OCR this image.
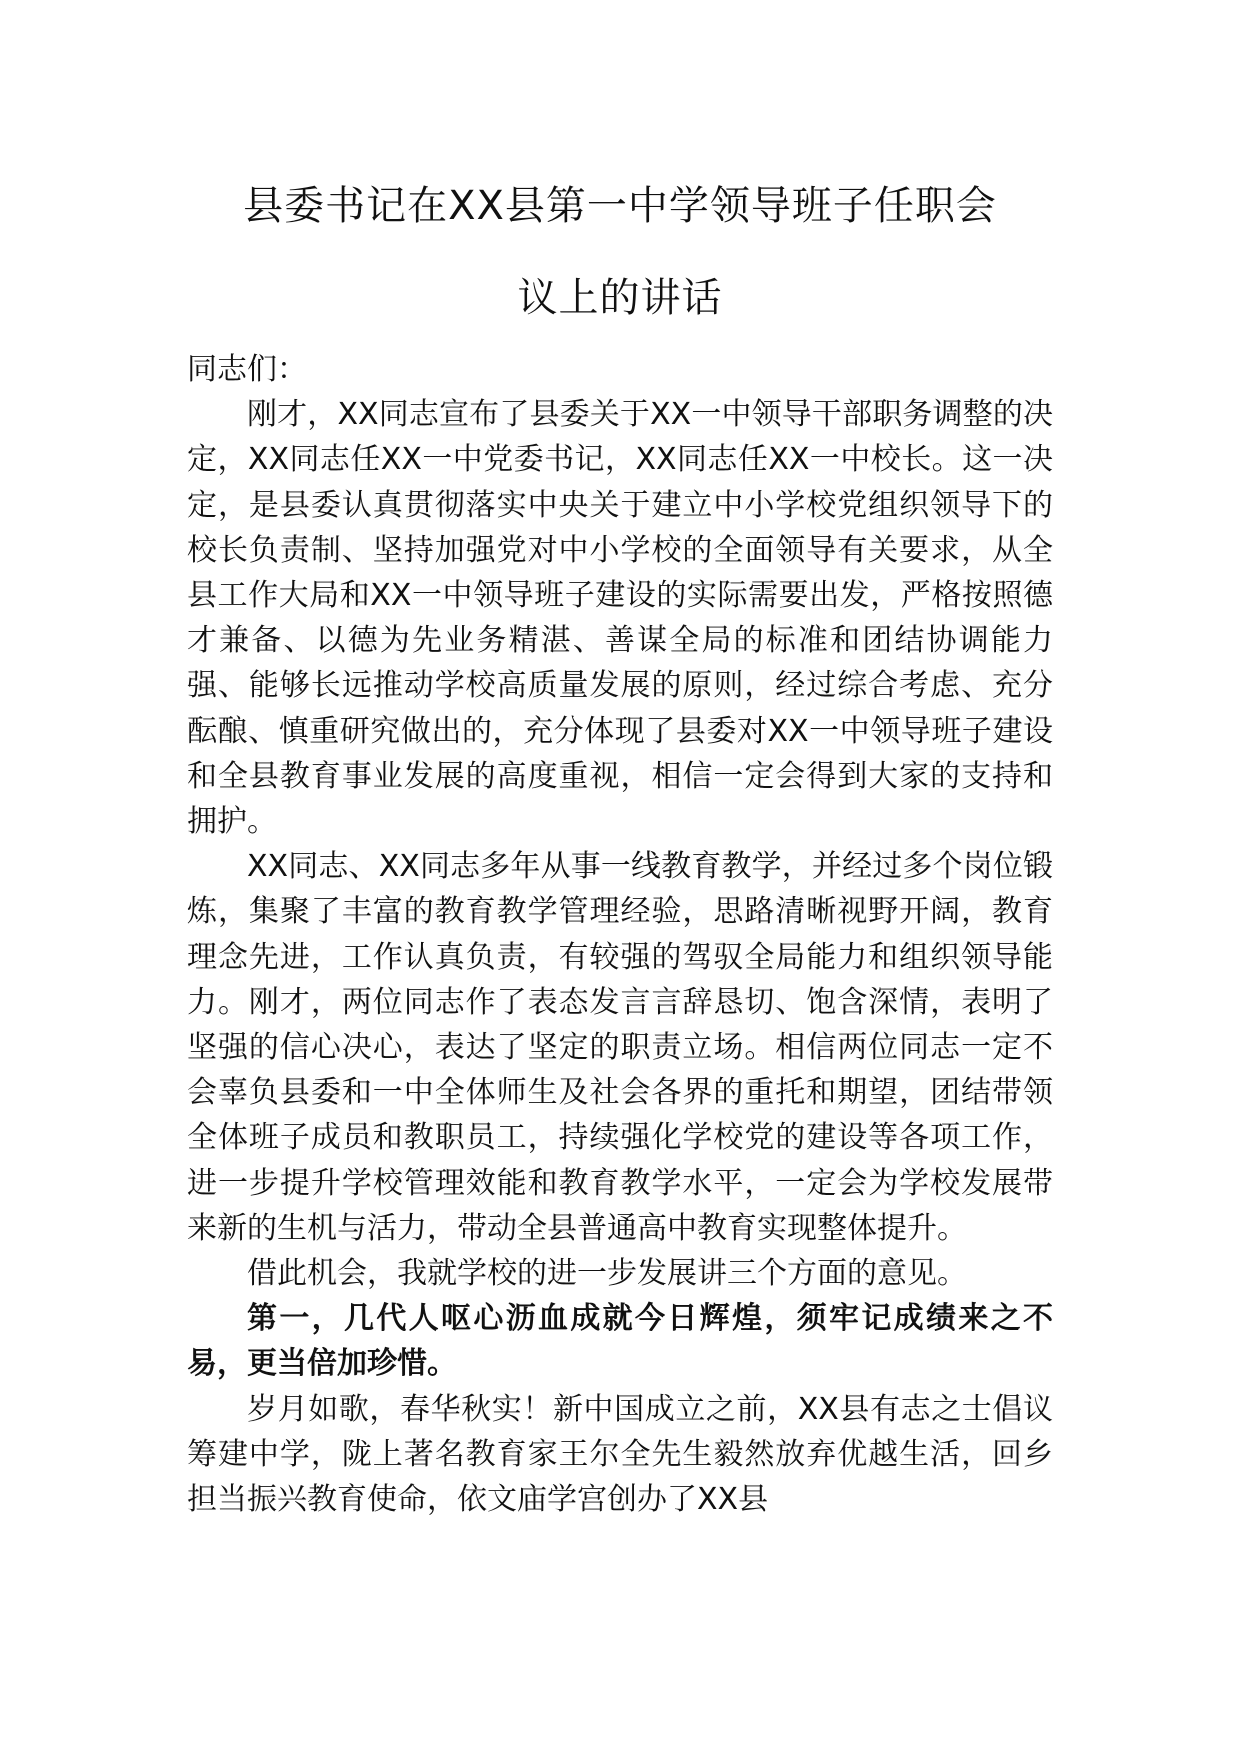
县委书记在XX县第一中学领导班子任职会
议上的讲话

同志们：

刚才，XX同志宣布了县委关于XX一中领导干部职务调整的决定，XX同志任XX一中党委书记，XX同志任XX一中校长。这一决定，是县委认真贯彻落实中央关于建立中小学校党组织领导下的校长负责制、坚持加强党对中小学校的全面领导有关要求，从全县工作大局和XX一中领导班子建设的实际需要出发，严格按照德才兼备、以德为先业务精湛、善谋全局的标准和团结协调能力强、能够长远推动学校高质量发展的原则，经过综合考虑、充分酝酿、慎重研究做出的，充分体现了县委对XX一中领导班子建设和全县教育事业发展的高度重视，相信一定会得到大家的支持和拥护。

XX同志、XX同志多年从事一线教育教学，并经过多个岗位锻炼，集聚了丰富的教育教学管理经验，思路清晰视野开阔，教育理念先进，工作认真负责，有较强的驾驭全局能力和组织领导能力。刚才，两位同志作了表态发言言辞恳切、饱含深情，表明了坚强的信心决心，表达了坚定的职责立场。相信两位同志一定不会辜负县委和一中全体师生及社会各界的重托和期望，团结带领全体班子成员和教职员工，持续强化学校党的建设等各项工作，进一步提升学校管理效能和教育教学水平，一定会为学校发展带来新的生机与活力，带动全县普通高中教育实现整体提升。

借此机会，我就学校的进一步发展讲三个方面的意见。

第一，几代人呕心沥血成就今日辉煌，须牢记成绩来之不易，更当倍加珍惜。

岁月如歌，春华秋实！新中国成立之前，XX县有志之士倡议筹建中学，陇上著名教育家王尔全先生毅然放弃优越生活，回乡担当振兴教育使命，依文庙学宫创办了XX县
